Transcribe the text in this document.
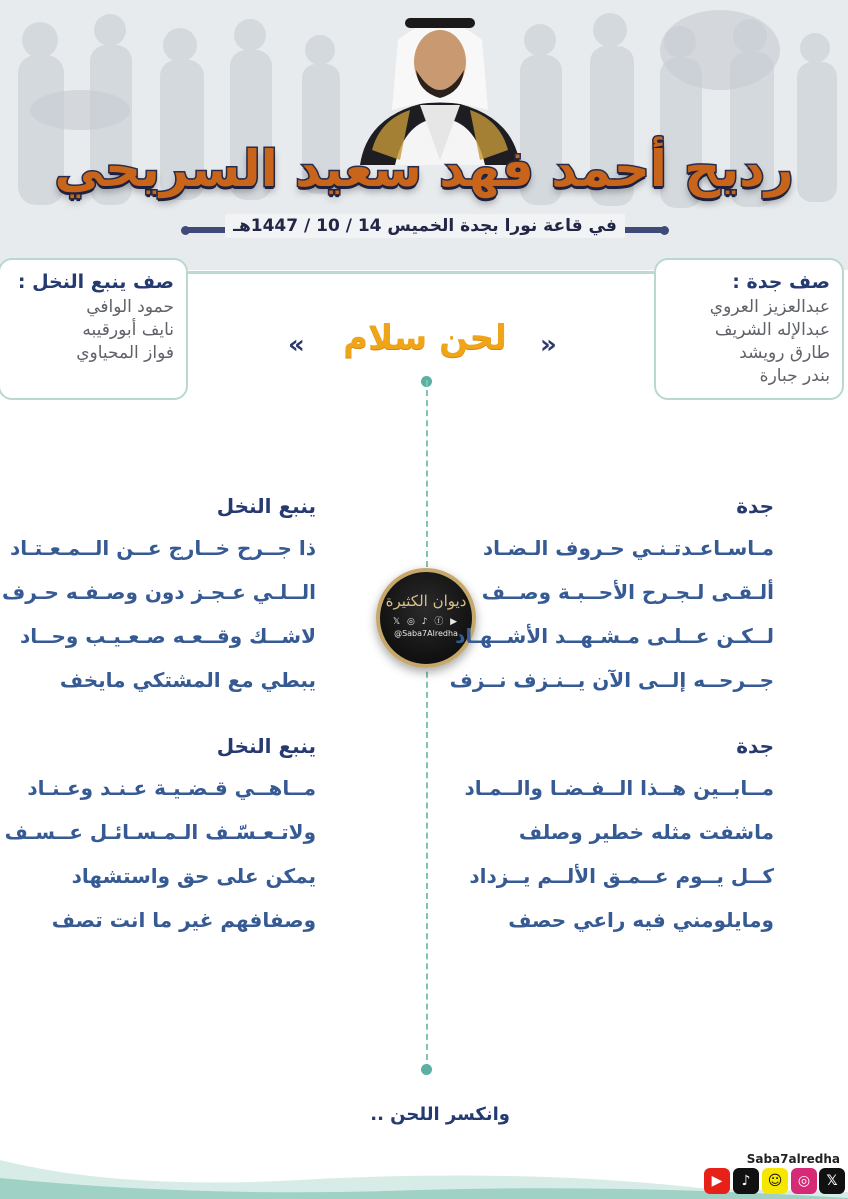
رديح أحمد فهد سعيد السريحي
في قاعة نورا بجدة الخميس 14 / 10 / 1447هـ
صف جدة :
عبدالعزيز العروي
عبدالإله الشريف
طارق رويشد
بندر جبارة
صف ينبع النخل :
حمود الوافي
نايف أبورقيبه
فواز المحياوي	«
لحن سلام
»
ديوان الكثيرة
𝕏 ◎ ♪ ⓕ ▶
@Saba7Alredha
جدة
مـاسـاعـدتـنـي حـروف الـضـاد
ألـقـى لـجـرح الأحــبـة وصــف
لــكـن عــلـى مـشـهــد الأشــهـاد
جــرحــه إلــى الآن يــنـزف نــزف
جدة
مــابــين هــذا الــفـضـا والــمـاد
ماشفت مثله خطير وصلف
كــل يــوم عــمـق الألــم يــزداد
ومايلومني فيه راعي حصف
ينبع النخل
ذا جــرح خــارج عــن الــمـعـتـاد
الــلـي عـجـز دون وصـفـه حـرف
لاشــك وقــعـه صـعـيـب وحــاد
يبطي مع المشتكي مايخف
ينبع النخل
مــاهــي قـضـيـة عـنـد وعـنـاد
ولاتـعـسّـف الـمـسـائـل عــسـف
يمكن على حق واستشهاد
وصفافهم غير ما انت تصف
وانكسر اللحن ..
Saba7alredha
▶	♪	☺	◎	𝕏
